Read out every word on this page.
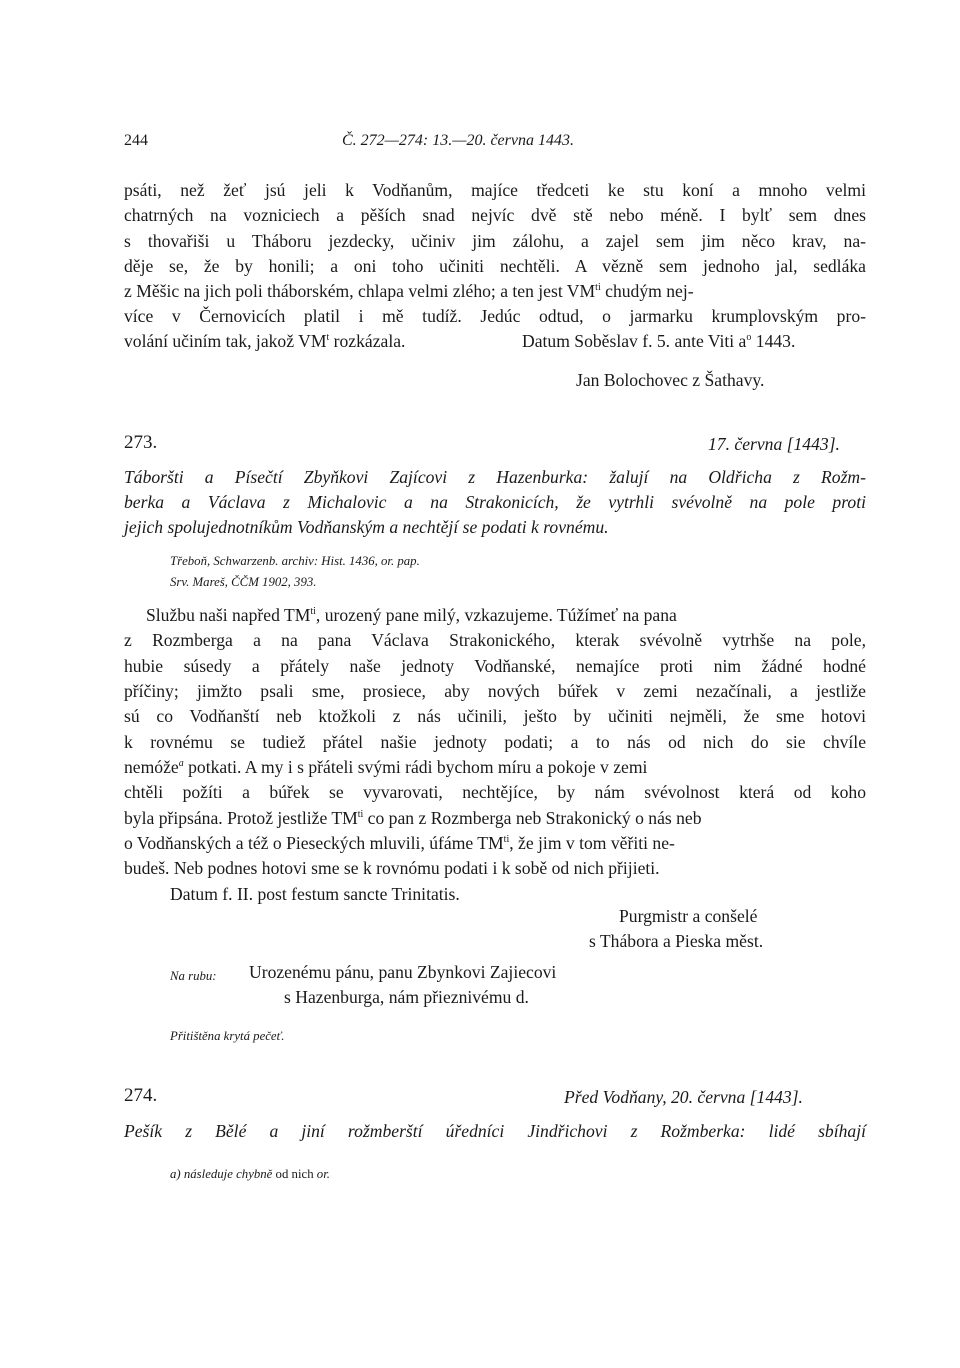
244	Č. 272—274: 13.—20. června 1443.
psáti, než žeť jsú jeli k Vodňanům, majíce tředceti ke stu koní a mnoho velmi
chatrných na vozniciech a pěších snad nejvíc dvě stě nebo méně. I bylť sem dnes
s thovařiši u Tháboru jezdecky, učiniv jim zálohu, a zajel sem jim něco krav, na-
děje se, že by honili; a oni toho učiniti nechtěli. A vězně sem jednoho jal, sedláka
z Měšic na jich poli tháborském, chlapa velmi zlého; a ten jest $VM^{ti}$ chudým nej-
více v Černovicích platil i mě tudíž. Jedúc odtud, o jarmarku krumplovským pro-
volání učiním tak, jakož $VM^t$ rozkázala.	Datum Soběslav f. 5. ante Viti $a^o$ 1443.
Jan Bolochovec z Šathavy.
273.	17. června [1443].
Táboršti a Písečtí Zbyňkovi Zajícovi z Hazenburka: žalují na Oldřicha z Rožm-
berka a Václava z Michalovic a na Strakonicích, že vytrhli svévolně na pole proti
jejich spolujednotníkům Vodňanským a nechtějí se podati k rovnému.
Třeboň, Schwarzenb. archiv: Hist. 1436, or. pap.
Srv. Mareš, ČČM 1902, 393.
Službu naši napřed $TM^{ti}$, urozený pane milý, vzkazujeme. Túžímeť na pana
z Rozmberga a na pana Václava Strakonického, kterak svévolně vytrhše na pole,
hubie súsedy a přátely naše jednoty Vodňanské, nemajíce proti nim žádné hodné
příčiny; jimžto psali sme, prosiece, aby nových búřek v zemi nezačínali, a jestliže
sú co Vodňanští neb ktožkoli z nás učinili, ješto by učiniti nejměli, že sme hotovi
k rovnému se tudiež přátel našie jednoty podati; a to nás od nich do sie chvíle
nemóže$^a$ potkati. A my i s přáteli svými rádi bychom míru a pokoje v zemi
chtěli požíti a búřek se vyvarovati, nechtějíce, by nám svévolnost která od koho
byla připsána. Protož jestliže $TM^{ti}$ co pan z Rozmberga neb Strakonický o nás neb
o Vodňanských a též o Pieseckých mluvili, úfáme $TM^{ti}$, že jim v tom věřiti ne-
budeš. Neb podnes hotovi sme se k rovnómu podati i k sobě od nich přijieti.
Datum f. II. post festum sancte Trinitatis.
Purgmistr a conšelé
s Thábora a Pieska měst.
Na rubu: Urozenému pánu, panu Zbynkovi Zajiecovi
s Hazenburga, nám přieznivému d.
Přitištěna krytá pečeť.
274.	Před Vodňany, 20. června [1443].
Pešík z Bělé a jiní rožmberští úředníci Jindřichovi z Rožmberka: lidé sbíhají
a) následuje chybně od nich or.
